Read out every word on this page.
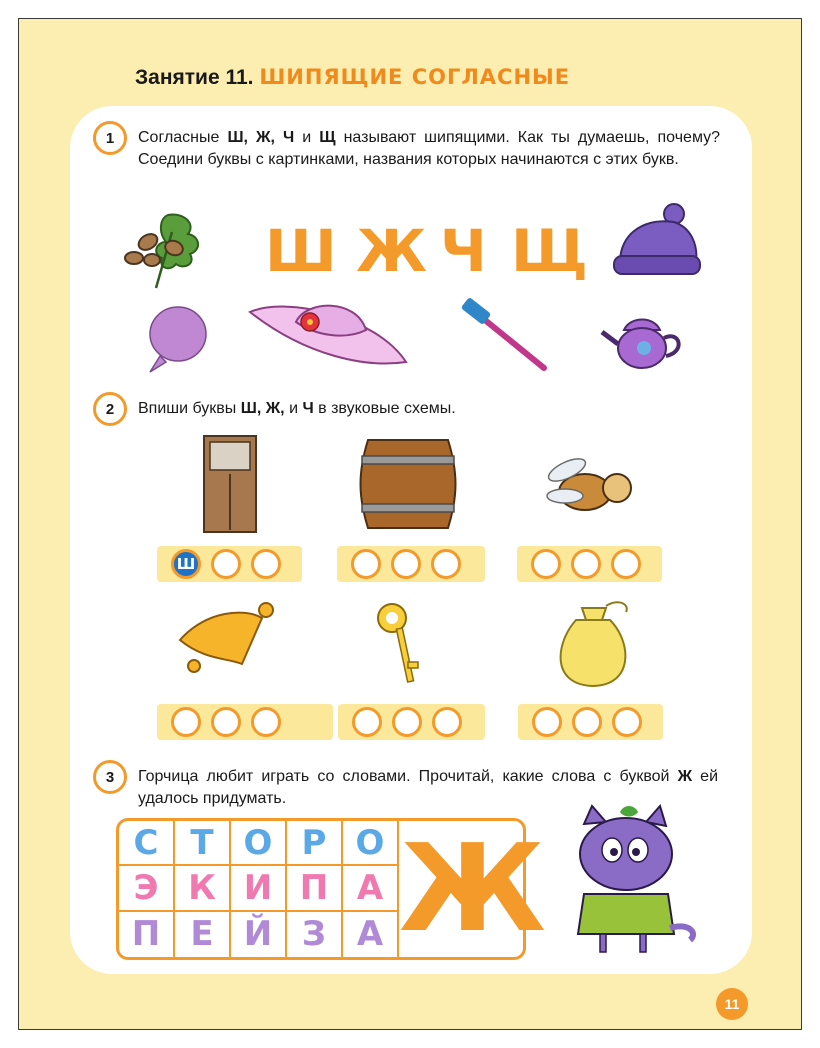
Занятие 11. ШИПЯЩИЕ СОГЛАСНЫЕ
1	Согласные Ш, Ж, Ч и Щ называют шипящими. Как ты думаешь, почему? Соедини буквы с картинками, названия которых начинаются с этих букв.
Ш Ж Ч Щ
2	Впиши буквы Ш, Ж, и Ч в звуковые схемы.
Ш
3	Горчица любит играть со словами. Прочитай, какие слова с буквой Ж ей удалось придумать.
С Т О Р О Ж
Э К И П А
П Е Й З А
11
